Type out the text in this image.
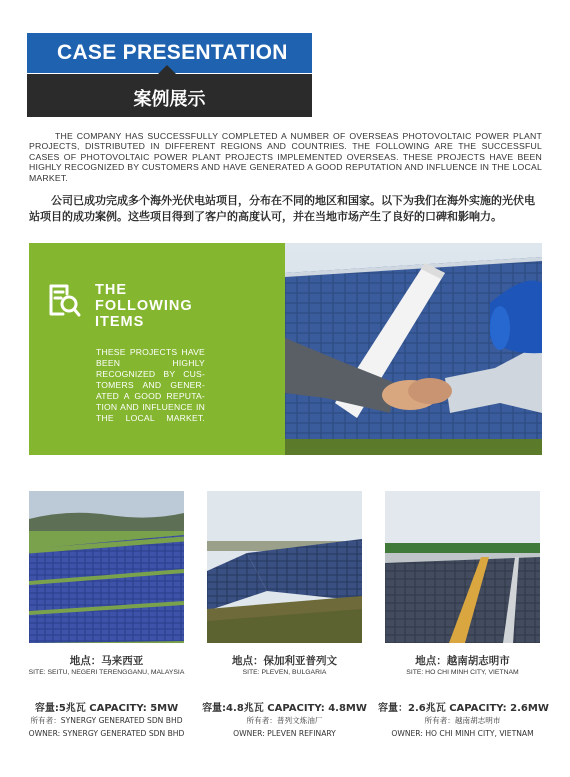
CASE PRESENTATION
案例展示
THE COMPANY HAS SUCCESSFULLY COMPLETED A NUMBER OF OVERSEAS PHOTOVOLTAIC POWER PLANT PROJECTS, DISTRIBUTED IN DIFFERENT REGIONS AND COUNTRIES. THE FOLLOWING ARE THE SUCCESSFUL CASES OF PHOTOVOLTAIC POWER PLANT PROJECTS IMPLEMENTED OVERSEAS. THESE PROJECTS HAVE BEEN HIGHLY RECOGNIZED BY CUSTOMERS AND HAVE GENERATED A GOOD REPUTATION AND INFLUENCE IN THE LOCAL MARKET.
公司已成功完成多个海外光伏电站项目，分布在不同的地区和国家。以下为我们在海外实施的光伏电站项目的成功案例。这些项目得到了客户的高度认可，并在当地市场产生了良好的口碑和影响力。
THE
FOLLOWING
ITEMS
THESE PROJECTS HAVE BEEN HIGHLY RECOGNIZED BY CUS- TOMERS AND GENER- ATED A GOOD REPUTA- TION AND INFLUENCE IN THE LOCAL MARKET.
地点：马来西亚
SITE: SEITU, NEGERI TERENGGANU, MALAYSIA
容量:5兆瓦 CAPACITY: 5MW
所有者：SYNERGY GENERATED SDN BHD
OWNER: SYNERGY GENERATED SDN BHD
地点：保加利亚普列文
SITE: PLEVEN, BULGARIA
容量:4.8兆瓦 CAPACITY: 4.8MW
所有者：普列文炼油厂
OWNER: PLEVEN REFINARY
地点：越南胡志明市
SITE: HO CHI MINH CITY, VIETNAM
容量：2.6兆瓦 CAPACITY: 2.6MW
所有者：越南胡志明市
OWNER: HO CHI MINH CITY, VIETNAM
